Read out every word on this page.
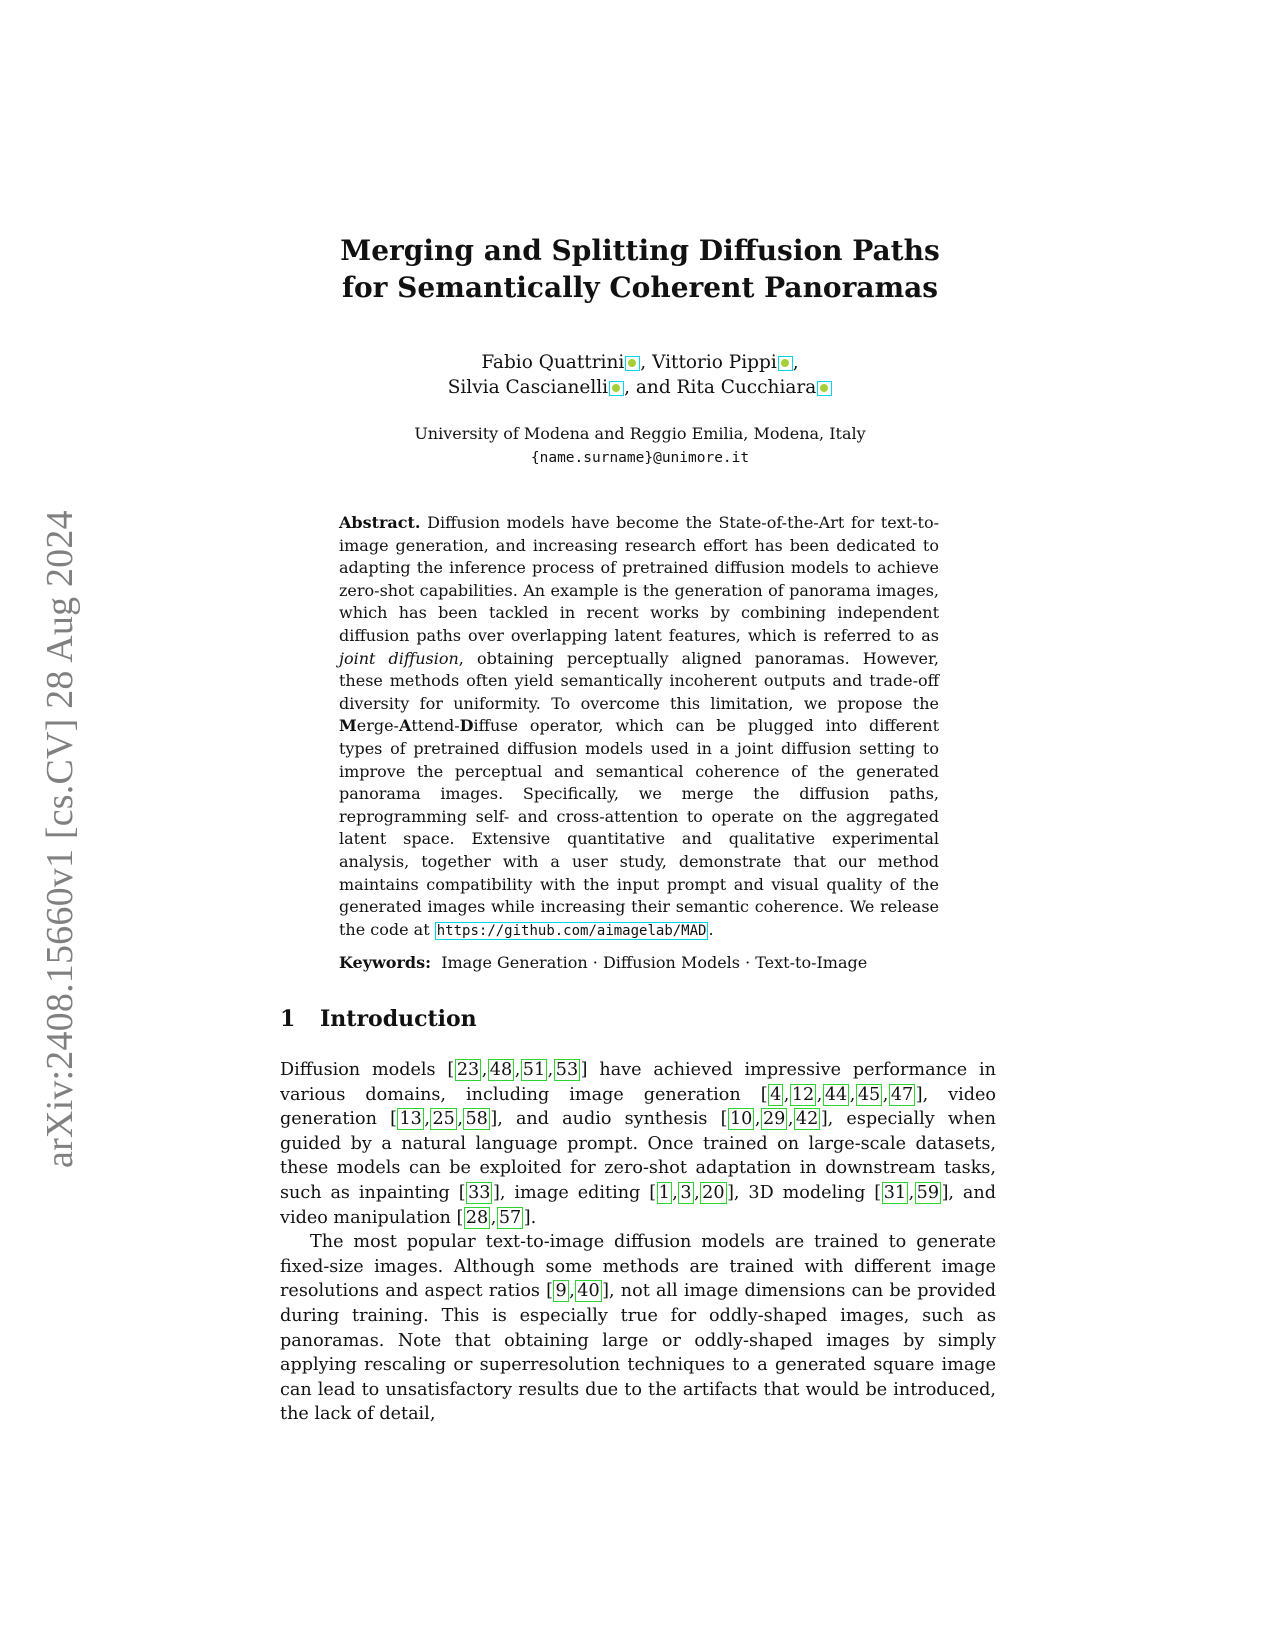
arXiv:2408.15660v1 [cs.CV] 28 Aug 2024
Merging and Splitting Diffusion Paths
for Semantically Coherent Panoramas
Fabio Quattrini , Vittorio Pippi ,
Silvia Cascianelli , and Rita Cucchiara
University of Modena and Reggio Emilia, Modena, Italy
{name.surname}@unimore.it
Abstract. Diffusion models have become the State-of-the-Art for text-to-image generation, and increasing research effort has been dedicated to adapting the inference process of pretrained diffusion models to achieve zero-shot capabilities. An example is the generation of panorama images, which has been tackled in recent works by combining independent diffusion paths over overlapping latent features, which is referred to as joint diffusion, obtaining perceptually aligned panoramas. However, these methods often yield semantically incoherent outputs and trade-off diversity for uniformity. To overcome this limitation, we propose the Merge-Attend-Diffuse operator, which can be plugged into different types of pretrained diffusion models used in a joint diffusion setting to improve the perceptual and semantical coherence of the generated panorama images. Specifically, we merge the diffusion paths, reprogramming self- and cross-attention to operate on the aggregated latent space. Extensive quantitative and qualitative experimental analysis, together with a user study, demonstrate that our method maintains compatibility with the input prompt and visual quality of the generated images while increasing their semantic coherence. We release the code at https://github.com/aimagelab/MAD .
Keywords: Image Generation · Diffusion Models · Text-to-Image
1 Introduction

Diffusion models [ 23 , 48 , 51 , 53 ] have achieved impressive performance in various domains, including image generation [ 4 , 12 , 44 , 45 , 47 ], video generation [ 13 , 25 , 58 ], and audio synthesis [ 10 , 29 , 42 ], especially when guided by a natural language prompt. Once trained on large-scale datasets, these models can be exploited for zero-shot adaptation in downstream tasks, such as inpainting [ 33 ], image editing [ 1 , 3 , 20 ], 3D modeling [ 31 , 59 ], and video manipulation [ 28 , 57 ].

The most popular text-to-image diffusion models are trained to generate fixed-size images. Although some methods are trained with different image resolutions and aspect ratios [ 9 , 40 ], not all image dimensions can be provided during training. This is especially true for oddly-shaped images, such as panoramas. Note that obtaining large or oddly-shaped images by simply applying rescaling or superresolution techniques to a generated square image can lead to unsatisfactory results due to the artifacts that would be introduced, the lack of detail,
